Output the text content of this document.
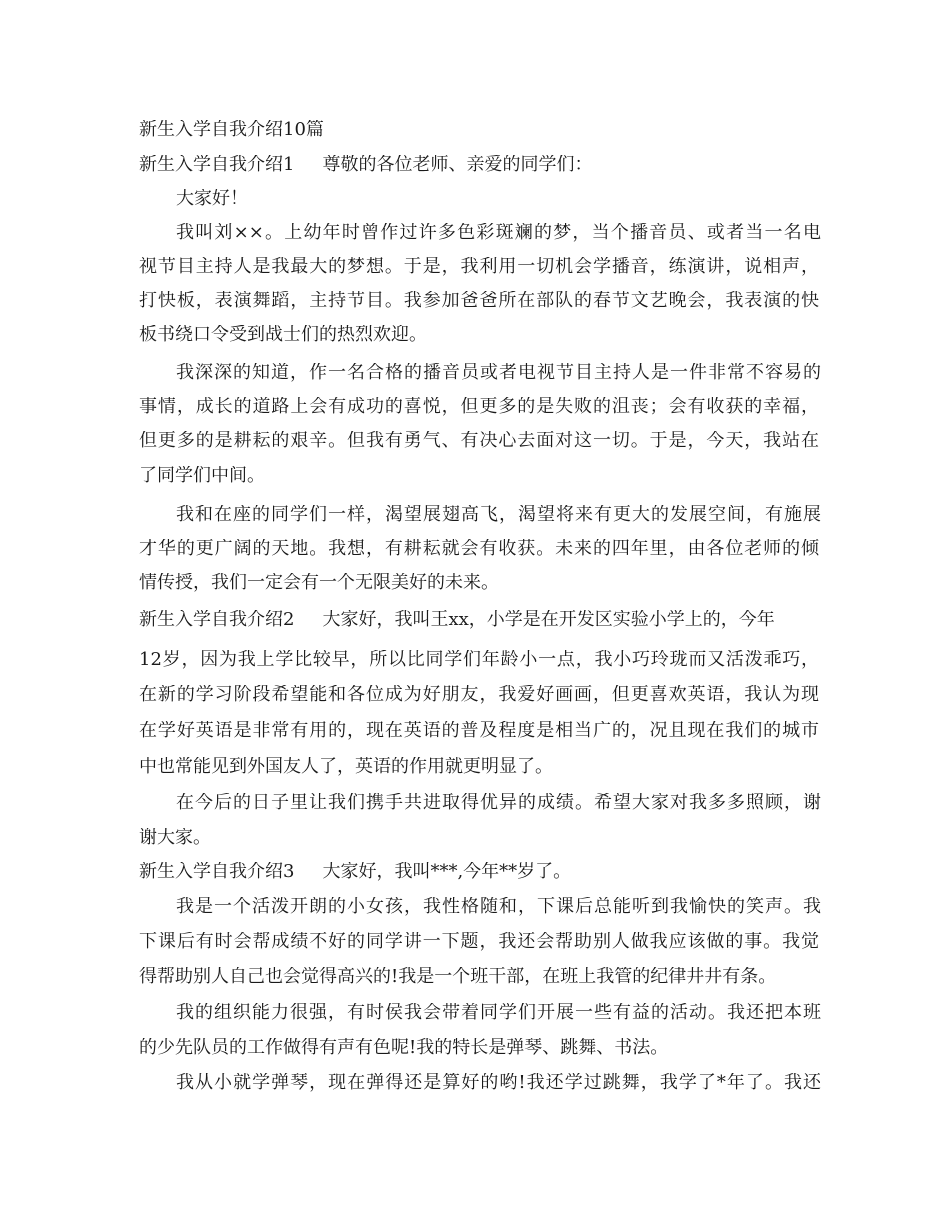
新生入学自我介绍10篇
新生入学自我介绍1 尊敬的各位老师、亲爱的同学们：
大家好！
我叫刘××。上幼年时曾作过许多色彩斑斓的梦，当个播音员、或者当一名电
视节目主持人是我最大的梦想。于是，我利用一切机会学播音，练演讲，说相声，
打快板，表演舞蹈，主持节目。我参加爸爸所在部队的春节文艺晚会，我表演的快
板书绕口令受到战士们的热烈欢迎。
我深深的知道，作一名合格的播音员或者电视节目主持人是一件非常不容易的
事情，成长的道路上会有成功的喜悦，但更多的是失败的沮丧；会有收获的幸福，
但更多的是耕耘的艰辛。但我有勇气、有决心去面对这一切。于是，今天，我站在
了同学们中间。
我和在座的同学们一样，渴望展翅高飞，渴望将来有更大的发展空间，有施展
才华的更广阔的天地。我想，有耕耘就会有收获。未来的四年里，由各位老师的倾
情传授，我们一定会有一个无限美好的未来。
新生入学自我介绍2 大家好，我叫王xx，小学是在开发区实验小学上的，今年
12岁，因为我上学比较早，所以比同学们年龄小一点，我小巧玲珑而又活泼乖巧，
在新的学习阶段希望能和各位成为好朋友，我爱好画画，但更喜欢英语，我认为现
在学好英语是非常有用的，现在英语的普及程度是相当广的，况且现在我们的城市
中也常能见到外国友人了，英语的作用就更明显了。
在今后的日子里让我们携手共进取得优异的成绩。希望大家对我多多照顾，谢
谢大家。
新生入学自我介绍3 大家好，我叫***,今年**岁了。
我是一个活泼开朗的小女孩，我性格随和，下课后总能听到我愉快的笑声。我
下课后有时会帮成绩不好的同学讲一下题，我还会帮助别人做我应该做的事。我觉
得帮助别人自己也会觉得高兴的!我是一个班干部，在班上我管的纪律井井有条。
我的组织能力很强，有时侯我会带着同学们开展一些有益的活动。我还把本班
的少先队员的工作做得有声有色呢!我的特长是弹琴、跳舞、书法。
我从小就学弹琴，现在弹得还是算好的哟!我还学过跳舞，我学了*年了。我还
